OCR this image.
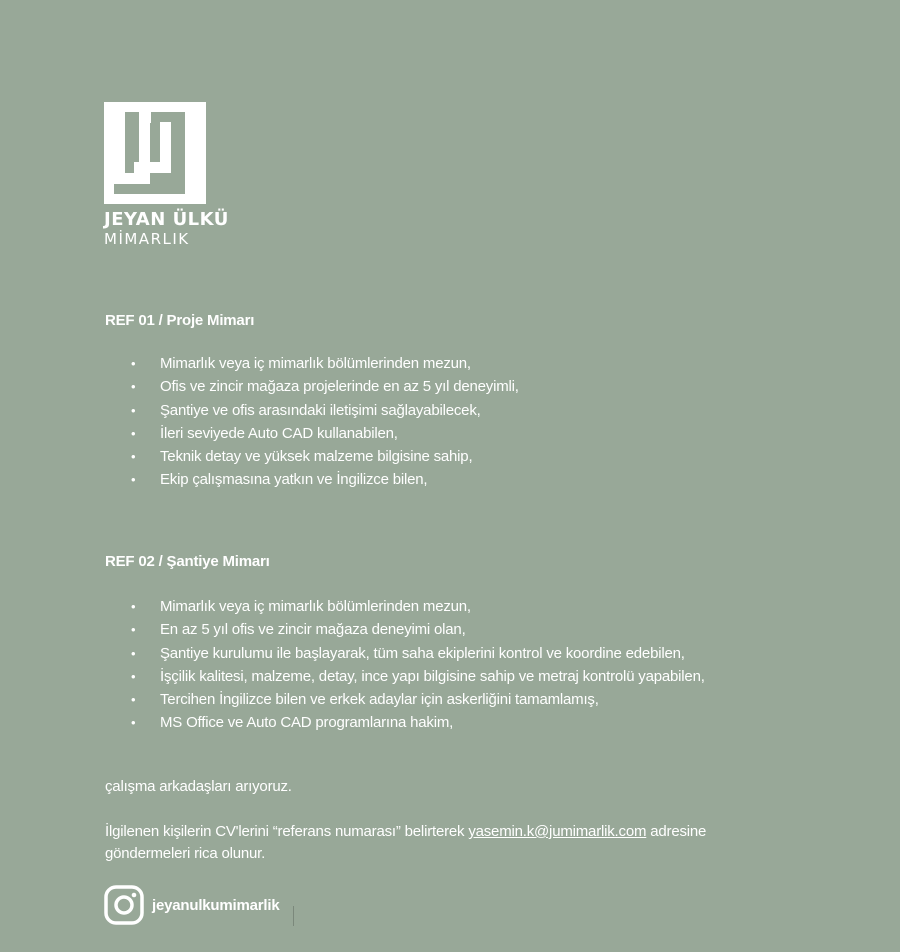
JEYAN ÜLKÜ
MİMARLIK
REF 01 / Proje Mimarı
• Mimarlık veya iç mimarlık bölümlerinden mezun,
• Ofis ve zincir mağaza projelerinde en az 5 yıl deneyimli,
• Şantiye ve ofis arasındaki iletişimi sağlayabilecek,
• İleri seviyede Auto CAD kullanabilen,
• Teknik detay ve yüksek malzeme bilgisine sahip,
• Ekip çalışmasına yatkın ve İngilizce bilen,
REF 02 / Şantiye Mimarı
• Mimarlık veya iç mimarlık bölümlerinden mezun,
• En az 5 yıl ofis ve zincir mağaza deneyimi olan,
• Şantiye kurulumu ile başlayarak, tüm saha ekiplerini kontrol ve koordine edebilen,
• İşçilik kalitesi, malzeme, detay, ince yapı bilgisine sahip ve metraj kontrolü yapabilen,
• Tercihen İngilizce bilen ve erkek adaylar için askerliğini tamamlamış,
• MS Office ve Auto CAD programlarına hakim,
çalışma arkadaşları arıyoruz.
İlgilenen kişilerin CV'lerini “referans numarası” belirterek yasemin.k@jumimarlik.com adresine
göndermeleri rica olunur.
jeyanulkumimarlik
